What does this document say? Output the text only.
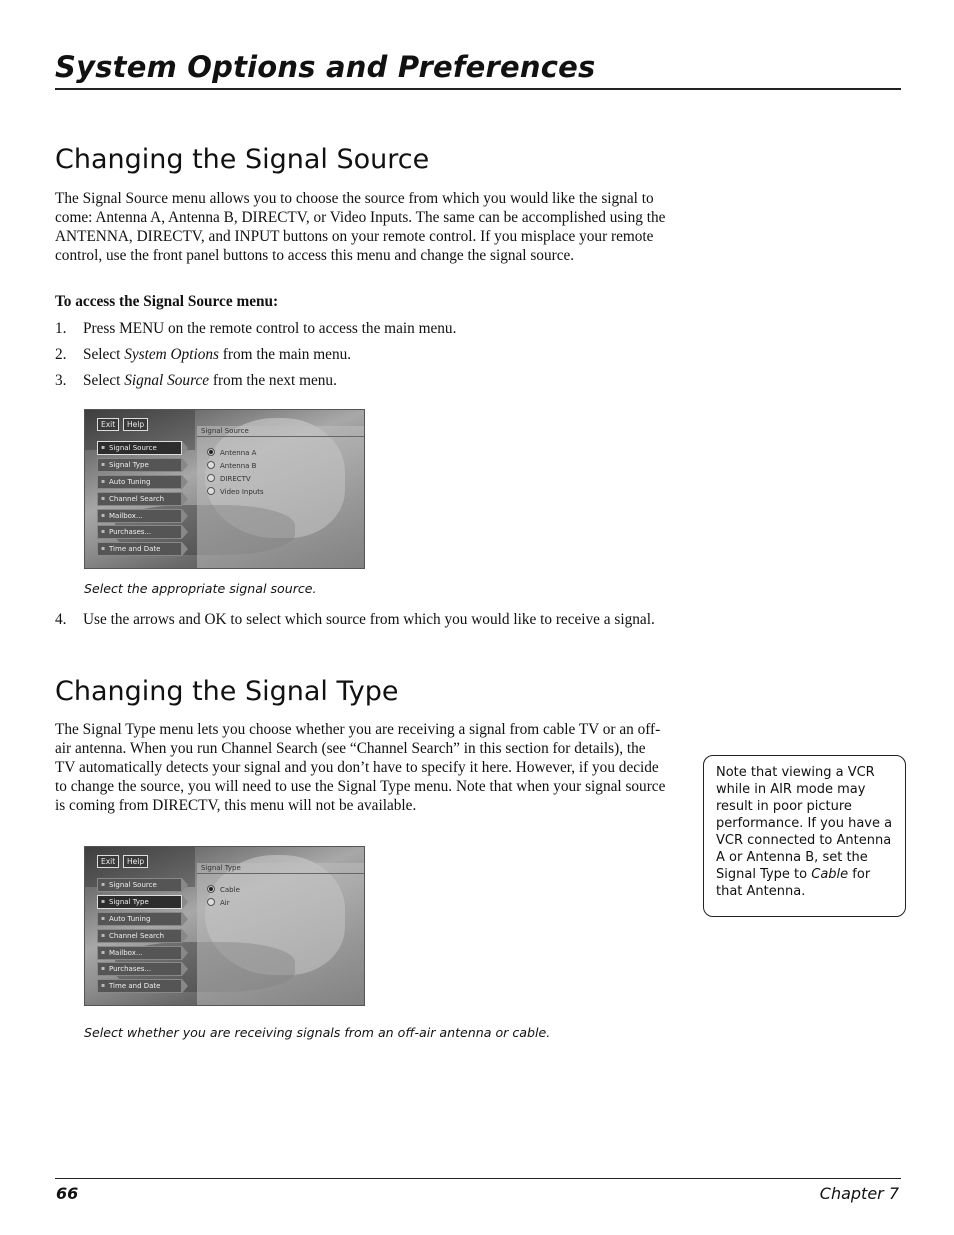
System Options and Preferences
Changing the Signal Source

The Signal Source menu allows you to choose the source from which you would like the signal to come: Antenna A, Antenna B, DIRECTV, or Video Inputs. The same can be accomplished using the ANTENNA, DIRECTV, and INPUT buttons on your remote control. If you misplace your remote control, use the front panel buttons to access this menu and change the signal source.

To access the Signal Source menu:
1. Press MENU on the remote control to access the main menu.
2. Select System Options from the main menu.
3. Select Signal Source from the next menu.
Exit	Help
▪ Signal Source
▪ Signal Type
▪ Auto Tuning
▪ Channel Search
▪ Mailbox...
▪ Purchases...
▪ Time and Date
Signal Source
Antenna A
Antenna B
DIRECTV
Video Inputs
Select the appropriate signal source.
4. Use the arrows and OK to select which source from which you would like to receive a signal.
Changing the Signal Type

The Signal Type menu lets you choose whether you are receiving a signal from cable TV or an off-air antenna. When you run Channel Search (see “Channel Search” in this section for details), the TV automatically detects your signal and you don’t have to specify it here. However, if you decide to change the source, you will need to use the Signal Type menu. Note that when your signal source is coming from DIRECTV, this menu will not be available.

Exit	Help
▪ Signal Source
▪ Signal Type
▪ Auto Tuning
▪ Channel Search
▪ Mailbox...
▪ Purchases...
▪ Time and Date
Signal Type
Cable
Air
Select whether you are receiving signals from an off-air antenna or cable.
Note that viewing a VCR while in AIR mode may result in poor picture performance. If you have a VCR connected to Antenna A or Antenna B, set the Signal Type to Cable for that Antenna.
66	Chapter 7
